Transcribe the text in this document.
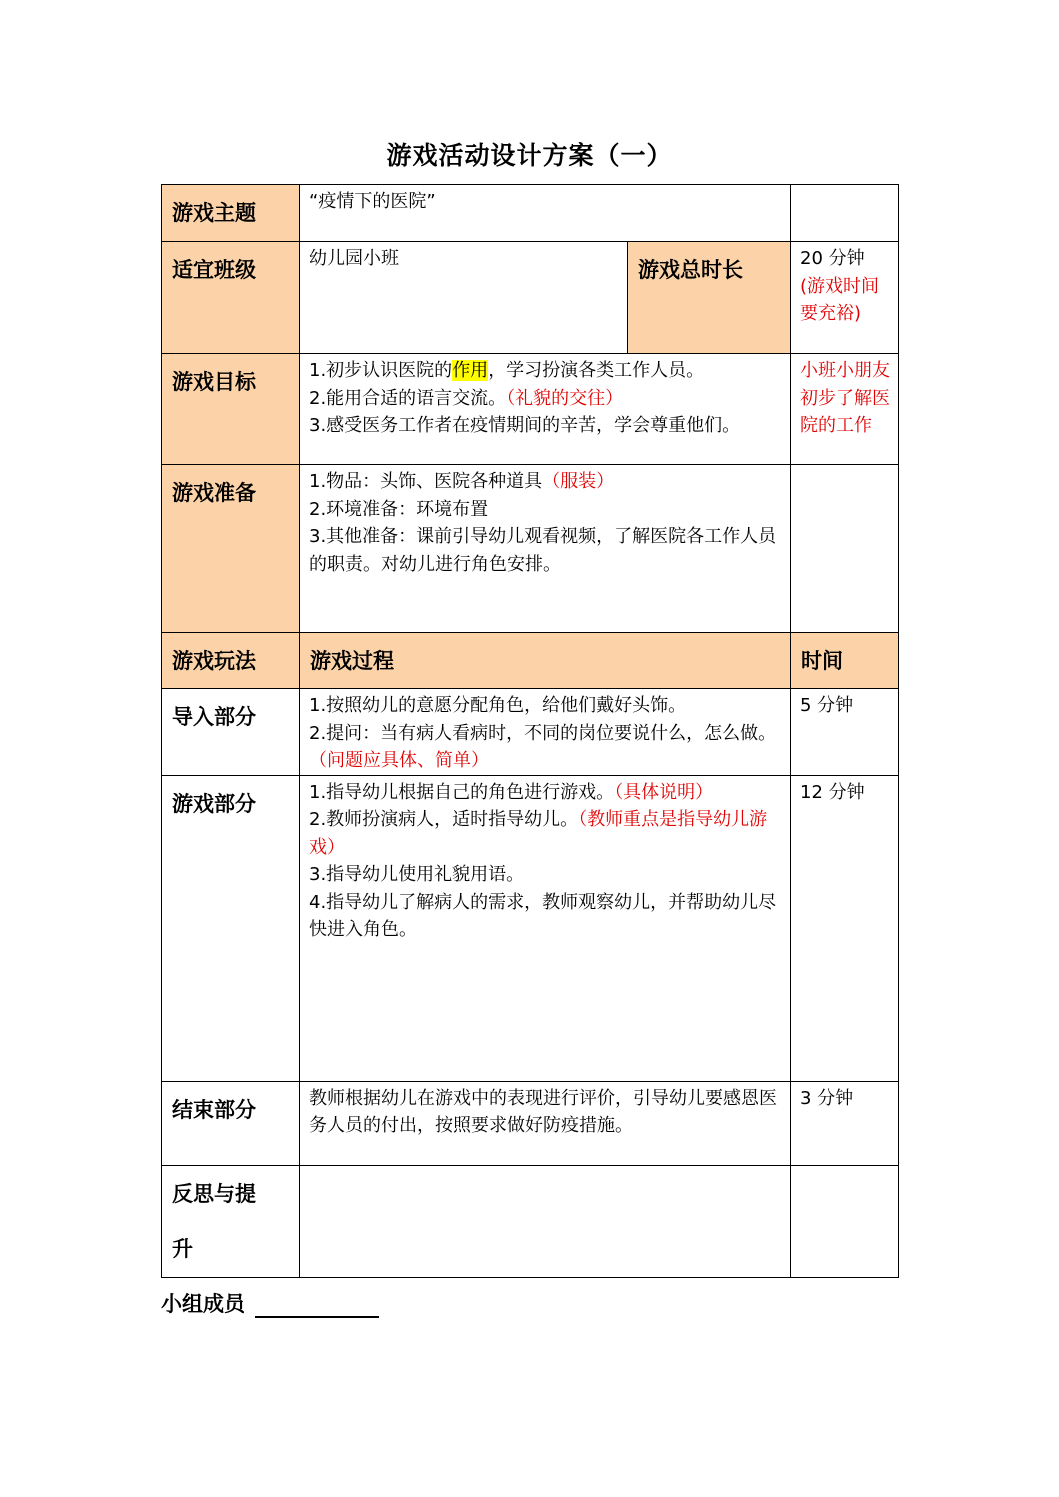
游戏活动设计方案（一）
游戏主题	“疫情下的医院”		

适宜班级	幼儿园小班	游戏总时长	20 分钟

(游戏时间要充裕)

游戏目标	1.初步认识医院的作用，学习扮演各类工作人员。

2.能用合适的语言交流。（礼貌的交往）

3.感受医务工作者在疫情期间的辛苦，学会尊重他们。		小班小朋友初步了解医院的工作

游戏准备	1.物品：头饰、医院各种道具（服装）

2.环境准备：环境布置

3.其他准备：课前引导幼儿观看视频，了解医院各工作人员的职责。对幼儿进行角色安排。		

游戏玩法	游戏过程		时间

导入部分	1.按照幼儿的意愿分配角色，给他们戴好头饰。

2.提问：当有病人看病时，不同的岗位要说什么，怎么做。（问题应具体、简单）		5 分钟

游戏部分	1.指导幼儿根据自己的角色进行游戏。（具体说明）

2.教师扮演病人，适时指导幼儿。（教师重点是指导幼儿游戏）

3.指导幼儿使用礼貌用语。

4.指导幼儿了解病人的需求，教师观察幼儿，并帮助幼儿尽快进入角色。		12 分钟

结束部分	教师根据幼儿在游戏中的表现进行评价，引导幼儿要感恩医务人员的付出，按照要求做好防疫措施。		3 分钟

反思与提升			

小组成员
